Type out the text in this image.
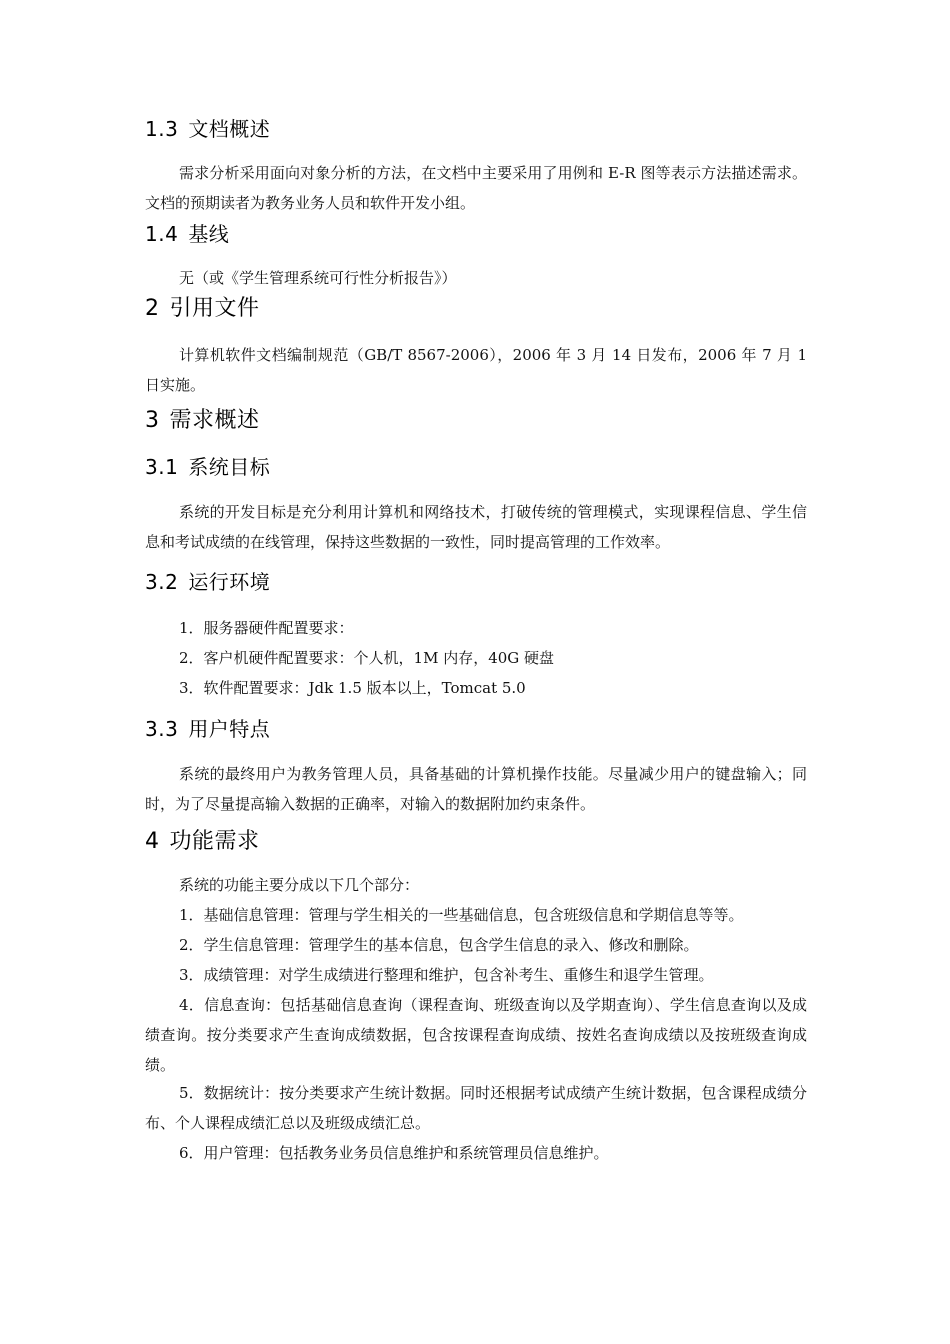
1.3 文档概述

需求分析采用面向对象分析的方法，在文档中主要采用了用例和 E-R 图等表示方法描述需求。文档的预期读者为教务业务人员和软件开发小组。

1.4 基线

无（或《学生管理系统可行性分析报告》）

2 引用文件

计算机软件文档编制规范（GB/T 8567-2006），2006 年 3 月 14 日发布，2006 年 7 月 1 日实施。

3 需求概述
3.1 系统目标

系统的开发目标是充分利用计算机和网络技术，打破传统的管理模式，实现课程信息、学生信息和考试成绩的在线管理，保持这些数据的一致性，同时提高管理的工作效率。

3.2 运行环境

1．服务器硬件配置要求：

2．客户机硬件配置要求：个人机，1M 内存，40G 硬盘

3．软件配置要求：Jdk 1.5 版本以上，Tomcat 5.0

3.3 用户特点

系统的最终用户为教务管理人员，具备基础的计算机操作技能。尽量减少用户的键盘输入；同时，为了尽量提高输入数据的正确率，对输入的数据附加约束条件。

4 功能需求

系统的功能主要分成以下几个部分：

1．基础信息管理：管理与学生相关的一些基础信息，包含班级信息和学期信息等等。

2．学生信息管理：管理学生的基本信息，包含学生信息的录入、修改和删除。

3．成绩管理：对学生成绩进行整理和维护，包含补考生、重修生和退学生管理。

4．信息查询：包括基础信息查询（课程查询、班级查询以及学期查询）、学生信息查询以及成绩查询。按分类要求产生查询成绩数据，包含按课程查询成绩、按姓名查询成绩以及按班级查询成绩。

5．数据统计：按分类要求产生统计数据。同时还根据考试成绩产生统计数据，包含课程成绩分布、个人课程成绩汇总以及班级成绩汇总。

6．用户管理：包括教务业务员信息维护和系统管理员信息维护。
